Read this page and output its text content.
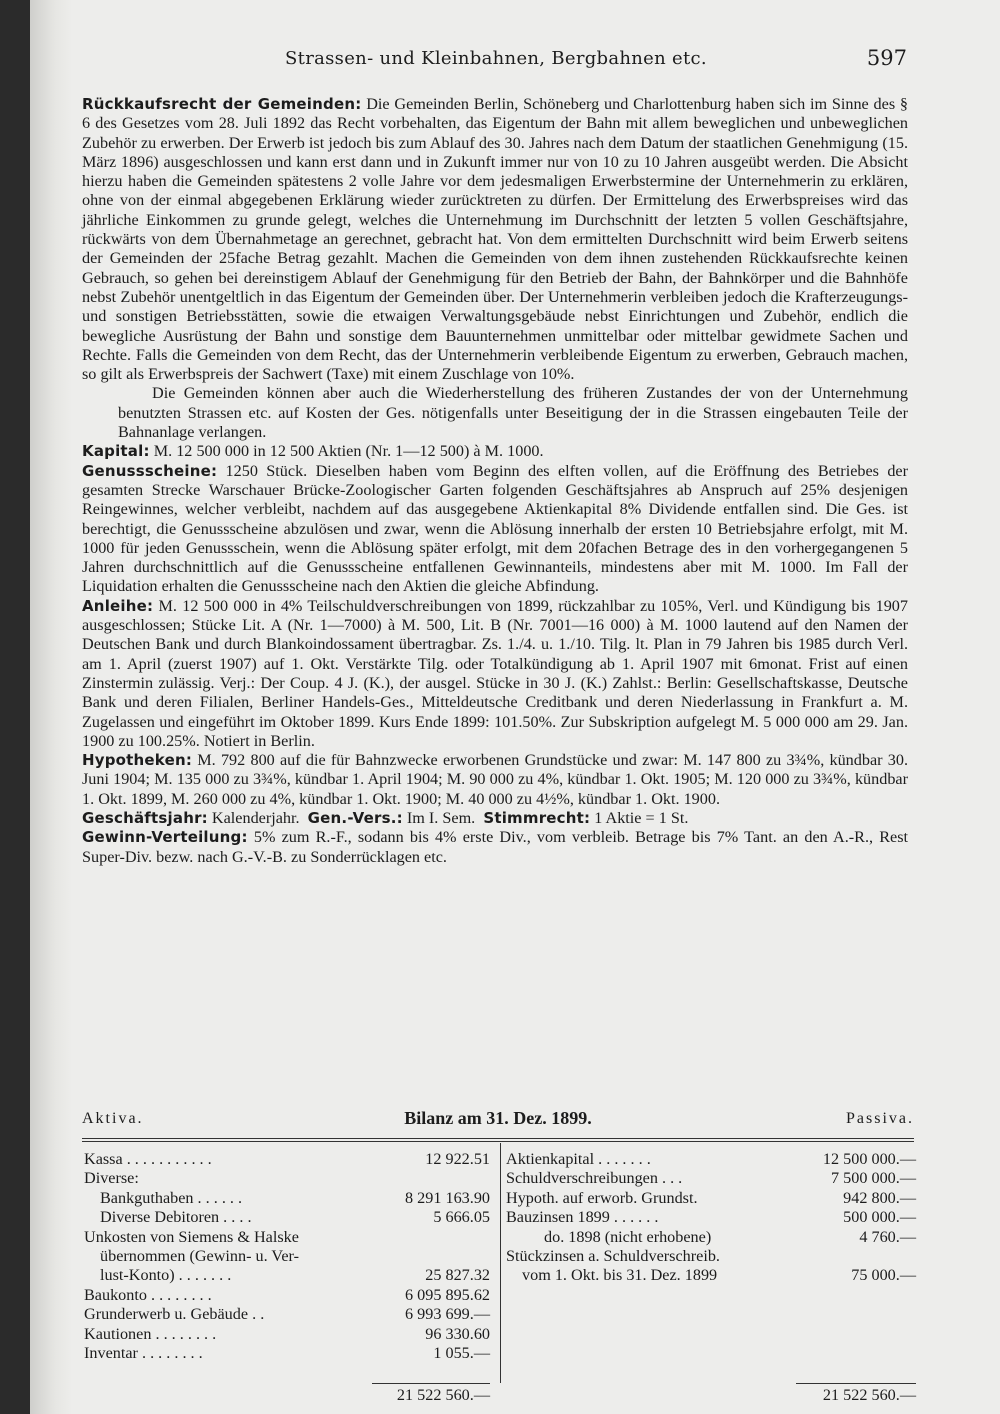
Strassen- und Kleinbahnen, Bergbahnen etc.	597

Rückkaufsrecht der Gemeinden: Die Gemeinden Berlin, Schöneberg und Charlottenburg haben sich im Sinne des § 6 des Gesetzes vom 28. Juli 1892 das Recht vorbehalten, das Eigentum der Bahn mit allem beweglichen und unbeweglichen Zubehör zu erwerben. Der Erwerb ist jedoch bis zum Ablauf des 30. Jahres nach dem Datum der staatlichen Genehmigung (15. März 1896) ausgeschlossen und kann erst dann und in Zukunft immer nur von 10 zu 10 Jahren ausgeübt werden. Die Absicht hierzu haben die Gemeinden spätestens 2 volle Jahre vor dem jedesmaligen Erwerbstermine der Unternehmerin zu erklären, ohne von der einmal abgegebenen Erklärung wieder zurücktreten zu dürfen. Der Ermittelung des Erwerbspreises wird das jährliche Einkommen zu grunde gelegt, welches die Unternehmung im Durchschnitt der letzten 5 vollen Geschäftsjahre, rückwärts von dem Übernahmetage an gerechnet, gebracht hat. Von dem ermittelten Durchschnitt wird beim Erwerb seitens der Gemeinden der 25fache Betrag gezahlt. Machen die Gemeinden von dem ihnen zustehenden Rückkaufsrechte keinen Gebrauch, so gehen bei dereinstigem Ablauf der Genehmigung für den Betrieb der Bahn, der Bahnkörper und die Bahnhöfe nebst Zubehör unentgeltlich in das Eigentum der Gemeinden über. Der Unternehmerin verbleiben jedoch die Krafterzeugungs- und sonstigen Betriebsstätten, sowie die etwaigen Verwaltungsgebäude nebst Einrichtungen und Zubehör, endlich die bewegliche Ausrüstung der Bahn und sonstige dem Bauunternehmen unmittelbar oder mittelbar gewidmete Sachen und Rechte. Falls die Gemeinden von dem Recht, das der Unternehmerin verbleibende Eigentum zu erwerben, Gebrauch machen, so gilt als Erwerbspreis der Sachwert (Taxe) mit einem Zuschlage von 10%.

Die Gemeinden können aber auch die Wiederherstellung des früheren Zustandes der von der Unternehmung benutzten Strassen etc. auf Kosten der Ges. nötigenfalls unter Beseitigung der in die Strassen eingebauten Teile der Bahnanlage verlangen.

Kapital: M. 12 500 000 in 12 500 Aktien (Nr. 1—12 500) à M. 1000.

Genussscheine: 1250 Stück. Dieselben haben vom Beginn des elften vollen, auf die Eröffnung des Betriebes der gesamten Strecke Warschauer Brücke-Zoologischer Garten folgenden Geschäftsjahres ab Anspruch auf 25% desjenigen Reingewinnes, welcher verbleibt, nachdem auf das ausgegebene Aktienkapital 8% Dividende entfallen sind. Die Ges. ist berechtigt, die Genussscheine abzulösen und zwar, wenn die Ablösung innerhalb der ersten 10 Betriebsjahre erfolgt, mit M. 1000 für jeden Genussschein, wenn die Ablösung später erfolgt, mit dem 20fachen Betrage des in den vorhergegangenen 5 Jahren durchschnittlich auf die Genussscheine entfallenen Gewinnanteils, mindestens aber mit M. 1000. Im Fall der Liquidation erhalten die Genussscheine nach den Aktien die gleiche Abfindung.

Anleihe: M. 12 500 000 in 4% Teilschuldverschreibungen von 1899, rückzahlbar zu 105%, Verl. und Kündigung bis 1907 ausgeschlossen; Stücke Lit. A (Nr. 1—7000) à M. 500, Lit. B (Nr. 7001—16 000) à M. 1000 lautend auf den Namen der Deutschen Bank und durch Blankoindossament übertragbar. Zs. 1./4. u. 1./10. Tilg. lt. Plan in 79 Jahren bis 1985 durch Verl. am 1. April (zuerst 1907) auf 1. Okt. Verstärkte Tilg. oder Totalkündigung ab 1. April 1907 mit 6monat. Frist auf einen Zinstermin zulässig. Verj.: Der Coup. 4 J. (K.), der ausgel. Stücke in 30 J. (K.) Zahlst.: Berlin: Gesellschaftskasse, Deutsche Bank und deren Filialen, Berliner Handels-Ges., Mitteldeutsche Creditbank und deren Niederlassung in Frankfurt a. M. Zugelassen und eingeführt im Oktober 1899. Kurs Ende 1899: 101.50%. Zur Subskription aufgelegt M. 5 000 000 am 29. Jan. 1900 zu 100.25%. Notiert in Berlin.

Hypotheken: M. 792 800 auf die für Bahnzwecke erworbenen Grundstücke und zwar: M. 147 800 zu 3¾%, kündbar 30. Juni 1904; M. 135 000 zu 3¾%, kündbar 1. April 1904; M. 90 000 zu 4%, kündbar 1. Okt. 1905; M. 120 000 zu 3¾%, kündbar 1. Okt. 1899, M. 260 000 zu 4%, kündbar 1. Okt. 1900; M. 40 000 zu 4½%, kündbar 1. Okt. 1900.

Geschäftsjahr: Kalenderjahr. Gen.-Vers.: Im I. Sem. Stimmrecht: 1 Aktie = 1 St.

Gewinn-Verteilung: 5% zum R.-F., sodann bis 4% erste Div., vom verbleib. Betrage bis 7% Tant. an den A.-R., Rest Super-Div. bezw. nach G.-V.-B. zu Sonderrücklagen etc.

Aktiva.	Bilanz am 31. Dez. 1899.	Passiva.
Kassa . . . . . . . . . . .	12 922.51
Diverse:
Bankguthaben . . . . . .	8 291 163.90
Diverse Debitoren . . . .	5 666.05
Unkosten von Siemens & Halske
übernommen (Gewinn- u. Ver-
lust-Konto) . . . . . . .	25 827.32
Baukonto . . . . . . . .	6 095 895.62
Grunderwerb u. Gebäude . .	6 993 699.—
Kautionen . . . . . . . .	96 330.60
Inventar . . . . . . . .	1 055.—
Aktienkapital . . . . . . .	12 500 000.—
Schuldverschreibungen . . .	7 500 000.—
Hypoth. auf erworb. Grundst.	942 800.—
Bauzinsen 1899 . . . . . .	500 000.—
do. 1898 (nicht erhobene)	4 760.—
Stückzinsen a. Schuldverschreib.
vom 1. Okt. bis 31. Dez. 1899	75 000.—
21 522 560.—	21 522 560.—
